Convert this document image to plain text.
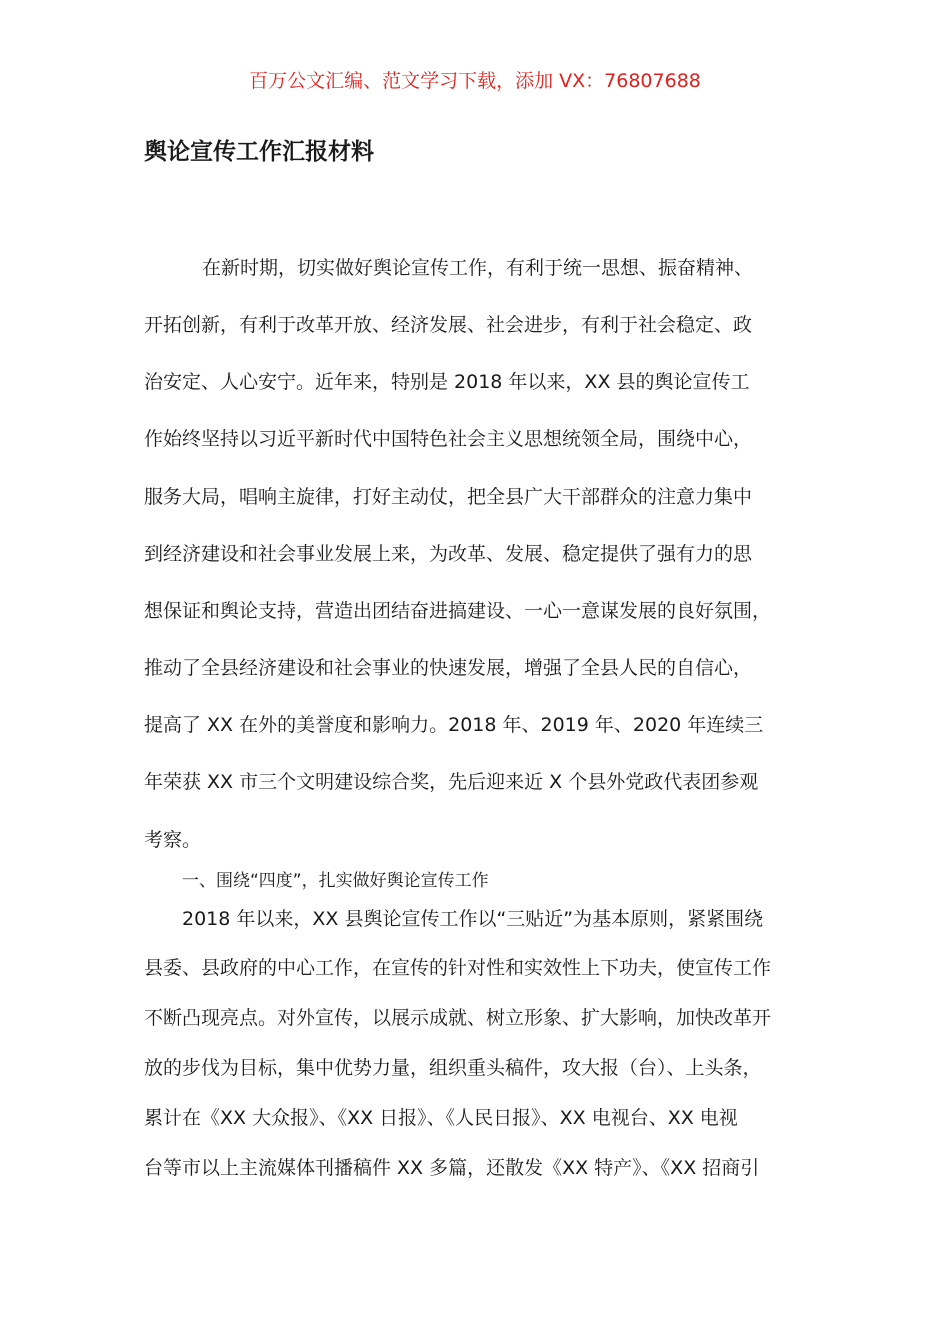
百万公文汇编、范文学习下载，添加 VX：76807688
舆论宣传工作汇报材料
在新时期，切实做好舆论宣传工作，有利于统一思想、振奋精神、
开拓创新，有利于改革开放、经济发展、社会进步，有利于社会稳定、政
治安定、人心安宁。近年来，特别是 2018 年以来，XX 县的舆论宣传工
作始终坚持以习近平新时代中国特色社会主义思想统领全局，围绕中心，
服务大局，唱响主旋律，打好主动仗，把全县广大干部群众的注意力集中
到经济建设和社会事业发展上来，为改革、发展、稳定提供了强有力的思
想保证和舆论支持，营造出团结奋进搞建设、一心一意谋发展的良好氛围，
推动了全县经济建设和社会事业的快速发展，增强了全县人民的自信心，
提高了 XX 在外的美誉度和影响力。2018 年、2019 年、2020 年连续三
年荣获 XX 市三个文明建设综合奖，先后迎来近 X 个县外党政代表团参观
考察。
一、围绕“四度”，扎实做好舆论宣传工作
2018 年以来，XX 县舆论宣传工作以“三贴近”为基本原则，紧紧围绕
县委、县政府的中心工作，在宣传的针对性和实效性上下功夫，使宣传工作
不断凸现亮点。对外宣传，以展示成就、树立形象、扩大影响，加快改革开
放的步伐为目标，集中优势力量，组织重头稿件，攻大报（台）、上头条，
累计在《XX 大众报》、《XX 日报》、《人民日报》、XX 电视台、XX 电视
台等市以上主流媒体刊播稿件 XX 多篇，还散发《XX 特产》、《XX 招商引
